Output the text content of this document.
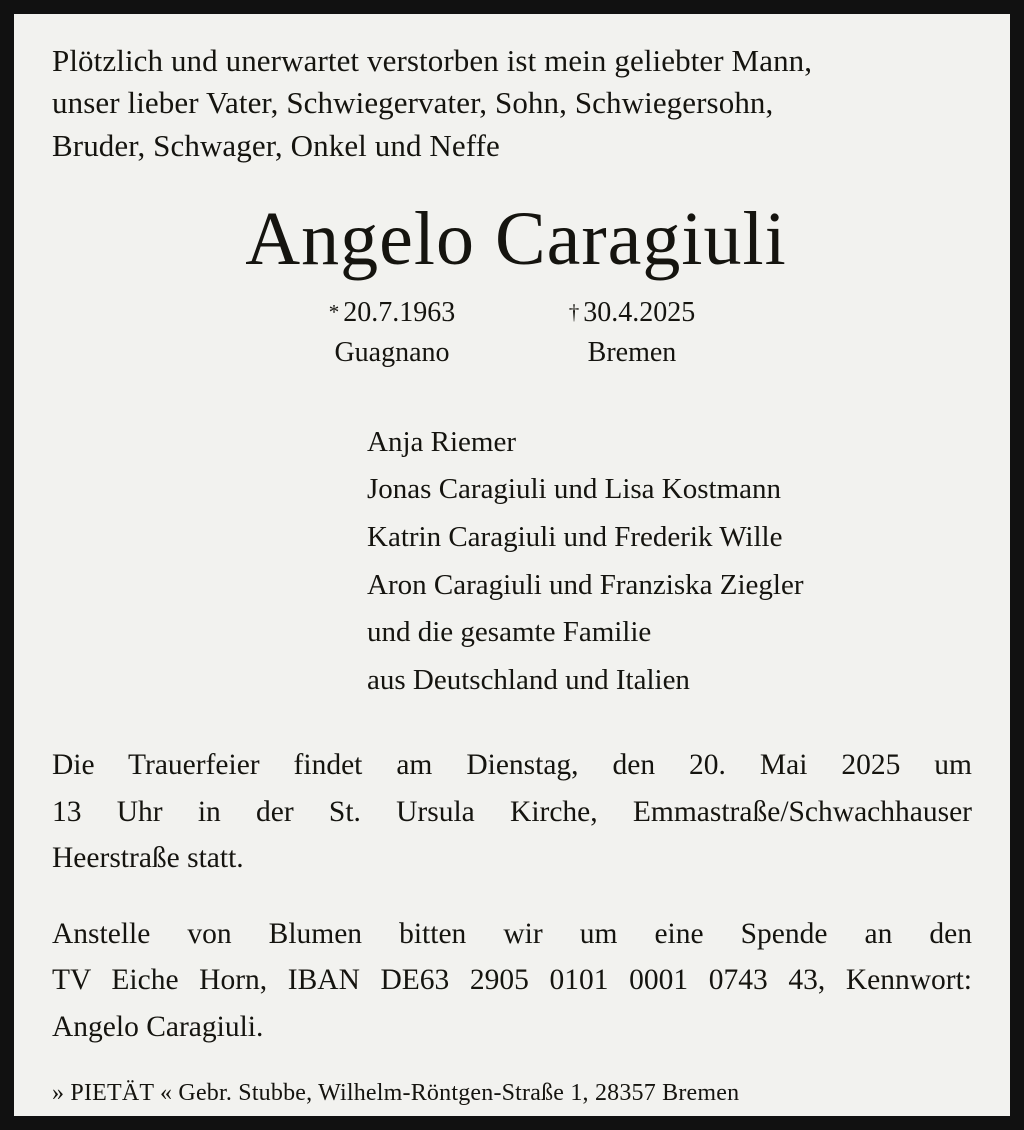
Plötzlich und unerwartet verstorben ist mein geliebter Mann,
unser lieber Vater, Schwiegervater, Sohn, Schwiegersohn,
Bruder, Schwager, Onkel und Neffe
Angelo Caragiuli
* 20.7.1963
Guagnano
† 30.4.2025
Bremen
Anja Riemer
Jonas Caragiuli und Lisa Kostmann
Katrin Caragiuli und Frederik Wille
Aron Caragiuli und Franziska Ziegler
und die gesamte Familie
aus Deutschland und Italien
Die Trauerfeier findet am Dienstag, den 20. Mai 2025 um
13 Uhr in der St. Ursula Kirche, Emmastraße/Schwachhauser
Heerstraße statt.
Anstelle von Blumen bitten wir um eine Spende an den
TV Eiche Horn, IBAN DE63 2905 0101 0001 0743 43, Kennwort:
Angelo Caragiuli.
» PIETÄT « Gebr. Stubbe, Wilhelm-Röntgen-Straße 1, 28357 Bremen
